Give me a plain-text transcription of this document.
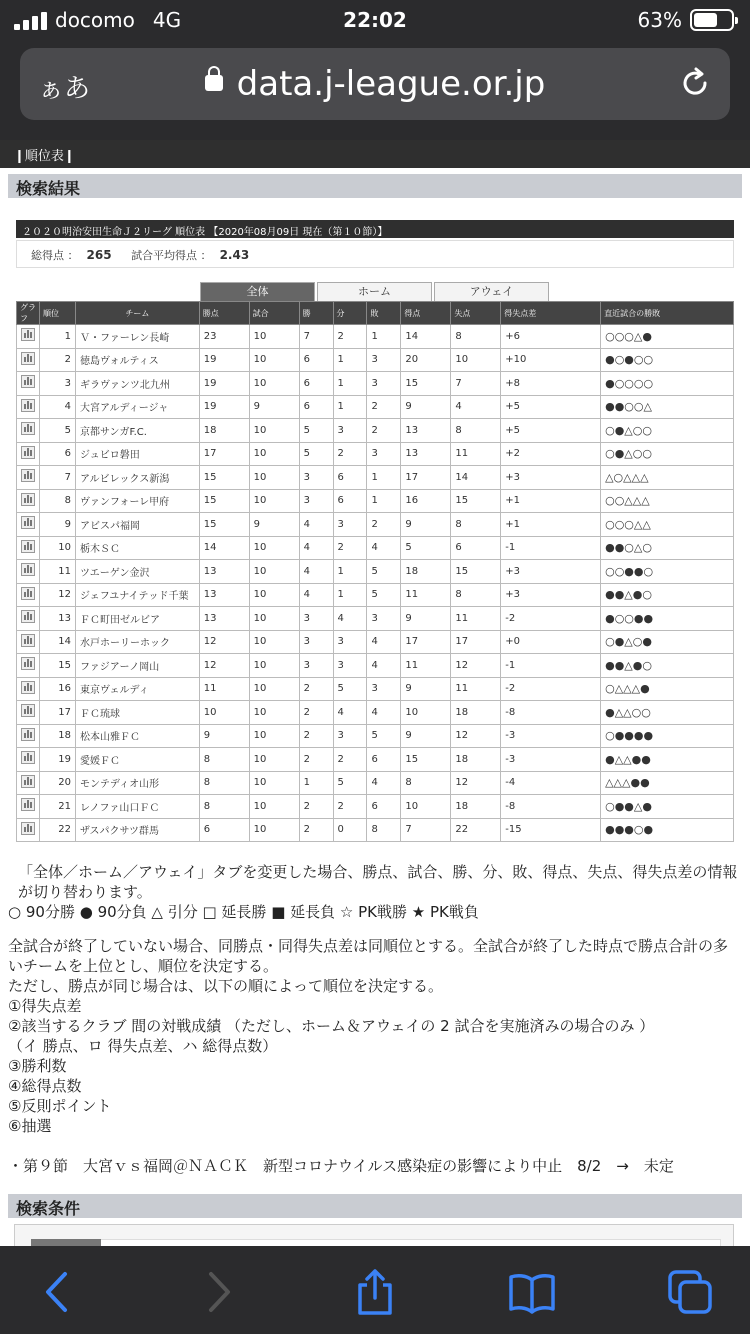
docomo 4G	22:02	63%
ぁあ	data.j-league.or.jp
❙順位表❙
検索結果
２０２０明治安田生命Ｊ２リーグ 順位表 【2020年08月09日 現在（第１０節）】
総得点 ： 265 試合平均得点 ： 2.43
全体	ホーム	アウェイ
グラフ	順位	チーム	勝点	試合	勝	分	敗	得点	失点	得失点差	直近試合の勝敗

	1	Ｖ・ファーレン長崎	23	10	7	2	1	14	8	+6	○○○△●

	2	徳島ヴォルティス	19	10	6	1	3	20	10	+10	●○●○○

	3	ギラヴァンツ北九州	19	10	6	1	3	15	7	+8	●○○○○

	4	大宮アルディージャ	19	9	6	1	2	9	4	+5	●●○○△

	5	京都サンガF.C.	18	10	5	3	2	13	8	+5	○●△○○

	6	ジュビロ磐田	17	10	5	2	3	13	11	+2	○●△○○

	7	アルビレックス新潟	15	10	3	6	1	17	14	+3	△○△△△

	8	ヴァンフォーレ甲府	15	10	3	6	1	16	15	+1	○○△△△

	9	アビスパ福岡	15	9	4	3	2	9	8	+1	○○○△△

	10	栃木ＳＣ	14	10	4	2	4	5	6	-1	●●○△○

	11	ツエーゲン金沢	13	10	4	1	5	18	15	+3	○○●●○

	12	ジェフユナイテッド千葉	13	10	4	1	5	11	8	+3	●●△●○

	13	ＦＣ町田ゼルビア	13	10	3	4	3	9	11	-2	●○○●●

	14	水戸ホーリーホック	12	10	3	3	4	17	17	+0	○●△○●

	15	ファジアーノ岡山	12	10	3	3	4	11	12	-1	●●△●○

	16	東京ヴェルディ	11	10	2	5	3	9	11	-2	○△△△●

	17	ＦＣ琉球	10	10	2	4	4	10	18	-8	●△△○○

	18	松本山雅ＦＣ	9	10	2	3	5	9	12	-3	○●●●●

	19	愛媛ＦＣ	8	10	2	2	6	15	18	-3	●△△●●

	20	モンテディオ山形	8	10	1	5	4	8	12	-4	△△△●●

	21	レノファ山口ＦＣ	8	10	2	2	6	10	18	-8	○●●△●

	22	ザスパクサツ群馬	6	10	2	0	8	7	22	-15	●●●○●

「全体／ホーム／アウェイ」タブを変更した場合、勝点、試合、勝、分、敗、得点、失点、得失点差の情報が切り替わります。

○ 90分勝 ● 90分負 △ 引分 □ 延長勝 ■ 延長負 ☆ PK戦勝 ★ PK戦負

全試合が終了していない場合、同勝点・同得失点差は同順位とする。全試合が終了した時点で勝点合計の多いチームを上位とし、順位を決定する。

ただし、勝点が同じ場合は、以下の順によって順位を決定する。

①得失点差

②該当するクラブ 間の対戦成績 （ただし、ホーム＆アウェイの 2 試合を実施済みの場合のみ ）

（イ 勝点、ロ 得失点差、ハ 総得点数）

③勝利数

④総得点数

⑤反則ポイント

⑥抽選

・第９節　大宮ｖｓ福岡＠ＮＡＣＫ　新型コロナウイルス感染症の影響により中止　8/2　→　未定

検索条件
